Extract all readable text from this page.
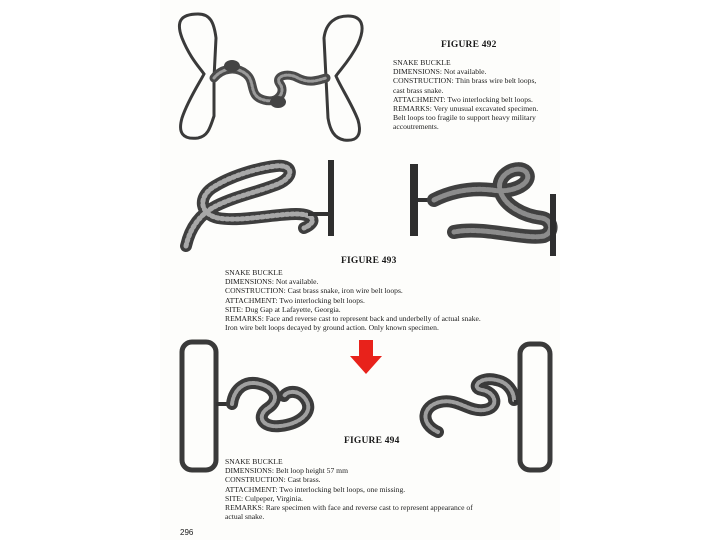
FIGURE 492
SNAKE BUCKLE
DIMENSIONS: Not available.
CONSTRUCTION: Thin brass wire belt loops,
cast brass snake.
ATTACHMENT: Two interlocking belt loops.
REMARKS: Very unusual excavated specimen.
Belt loops too fragile to support heavy military
accoutrements.
FIGURE 493
SNAKE BUCKLE
DIMENSIONS: Not available.
CONSTRUCTION: Cast brass snake, iron wire belt loops.
ATTACHMENT: Two interlocking belt loops.
SITE: Dug Gap at Lafayette, Georgia.
REMARKS: Face and reverse cast to represent back and underbelly of actual snake.
Iron wire belt loops decayed by ground action. Only known specimen.
FIGURE 494
SNAKE BUCKLE
DIMENSIONS: Belt loop height 57 mm
CONSTRUCTION: Cast brass.
ATTACHMENT: Two interlocking belt loops, one missing.
SITE: Culpeper, Virginia.
REMARKS: Rare specimen with face and reverse cast to represent appearance of
actual snake.
296
